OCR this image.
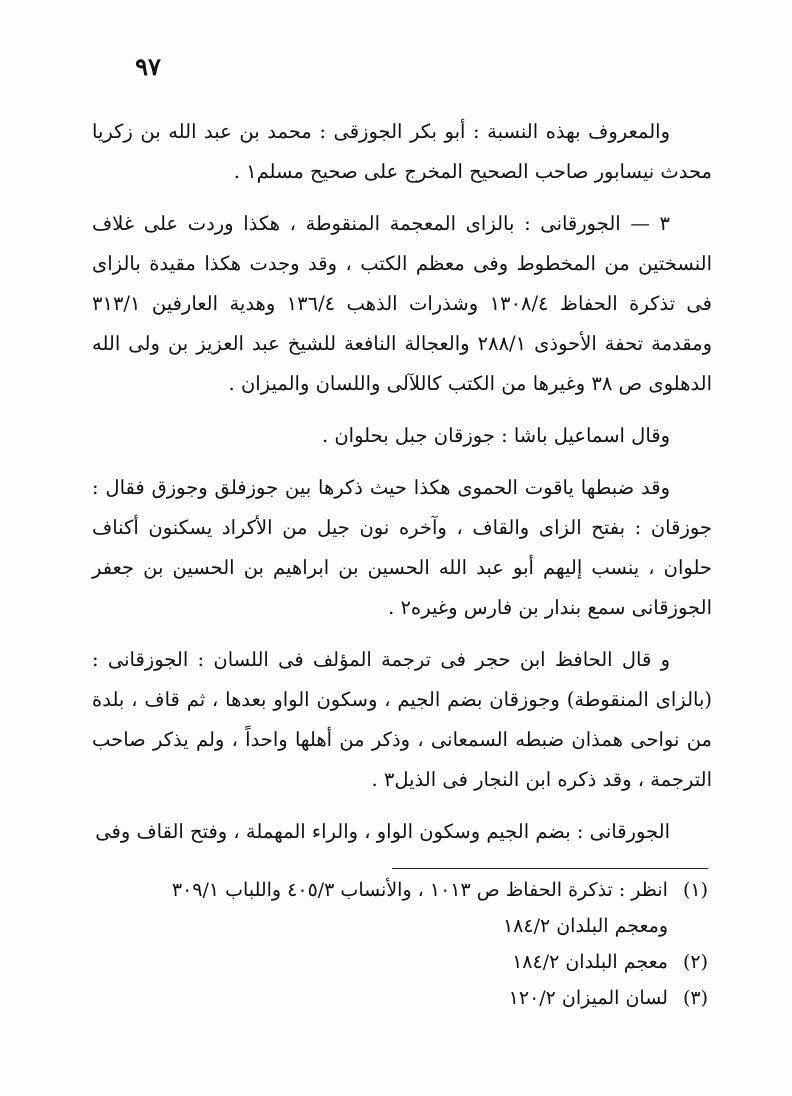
٩٧

والمعروف بهذه النسبة : أبو بكر الجوزقى : محمد بن عبد الله بن زكريا محدث نيسابور صاحب الصحيح المخرج على صحيح مسلم١ .

٣ — الجورقانى : بالزاى المعجمة المنقوطة ، هكذا وردت على غلاف النسختين من المخطوط وفى معظم الكتب ، وقد وجدت هكذا مقيدة بالزاى فى تذكرة الحفاظ ١٣٠٨/٤ وشذرات الذهب ١٣٦/٤ وهدية العارفين ٣١٣/١ ومقدمة تحفة الأحوذى ٢٨٨/١ والعجالة النافعة للشيخ عبد العزيز بن ولى الله الدهلوى ص ٣٨ وغيرها من الكتب كاللآلى واللسان والميزان .

وقال اسماعيل باشا : جوزقان جبل بحلوان .

وقد ضبطها ياقوت الحموى هكذا حيث ذكرها بين جوزفلق وجوزق فقال : جوزقان : بفتح الزاى والقاف ، وآخره نون جيل من الأكراد يسكنون أكناف حلوان ، ينسب إليهم أبو عبد الله الحسين بن ابراهيم بن الحسين بن جعفر الجوزقانى سمع بندار بن فارس وغيره٢ .

و قال الحافظ ابن حجر فى ترجمة المؤلف فى اللسان : الجوزقانى : (بالزاى المنقوطة) وجوزقان بضم الجيم ، وسكون الواو بعدها ، ثم قاف ، بلدة من نواحى همذان ضبطه السمعانى ، وذكر من أهلها واحداً ، ولم يذكر صاحب الترجمة ، وقد ذكره ابن النجار فى الذيل٣ .

الجورقانى : بضم الجيم وسكون الواو ، والراء المهملة ، وفتح القاف وفى

(١) انظر : تذكرة الحفاظ ص ١٠١٣ ، والأنساب ٤٠٥/٣ واللباب ٣٠٩/١
ومعجم البلدان ١٨٤/٢
(٢) معجم البلدان ١٨٤/٢
(٣) لسان الميزان ١٢٠/٢
